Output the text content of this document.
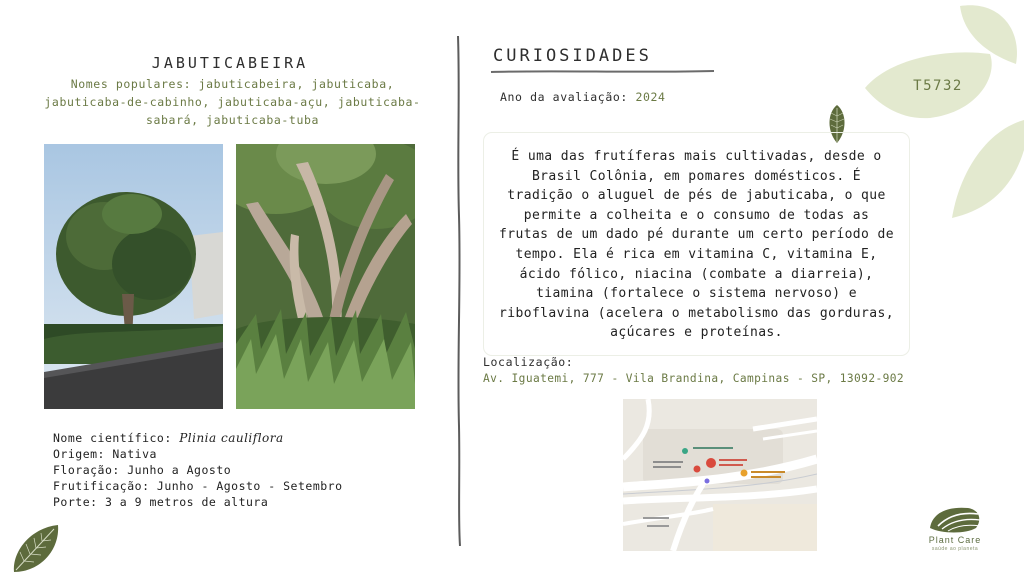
JABUTICABEIRA
Nomes populares: jabuticabeira, jabuticaba, jabuticaba-de-cabinho, jabuticaba-açu, jabuticaba-sabará, jabuticaba-tuba
Nome científico: Plinia cauliflora
Origem: Nativa
Floração: Junho a Agosto
Frutificação: Junho - Agosto - Setembro
Porte: 3 a 9 metros de altura
CURIOSIDADES
Ano da avaliação: 2024
É uma das frutíferas mais cultivadas, desde o Brasil Colônia, em pomares domésticos. É tradição o aluguel de pés de jabuticaba, o que permite a colheita e o consumo de todas as frutas de um dado pé durante um certo período de tempo. Ela é rica em vitamina C, vitamina E, ácido fólico, niacina (combate a diarreia), tiamina (fortalece o sistema nervoso) e riboflavina (acelera o metabolismo das gorduras, açúcares e proteínas.
Localização:
Av. Iguatemi, 777 - Vila Brandina, Campinas - SP, 13092-902
T5732
Plant Care
saúde ao planeta
